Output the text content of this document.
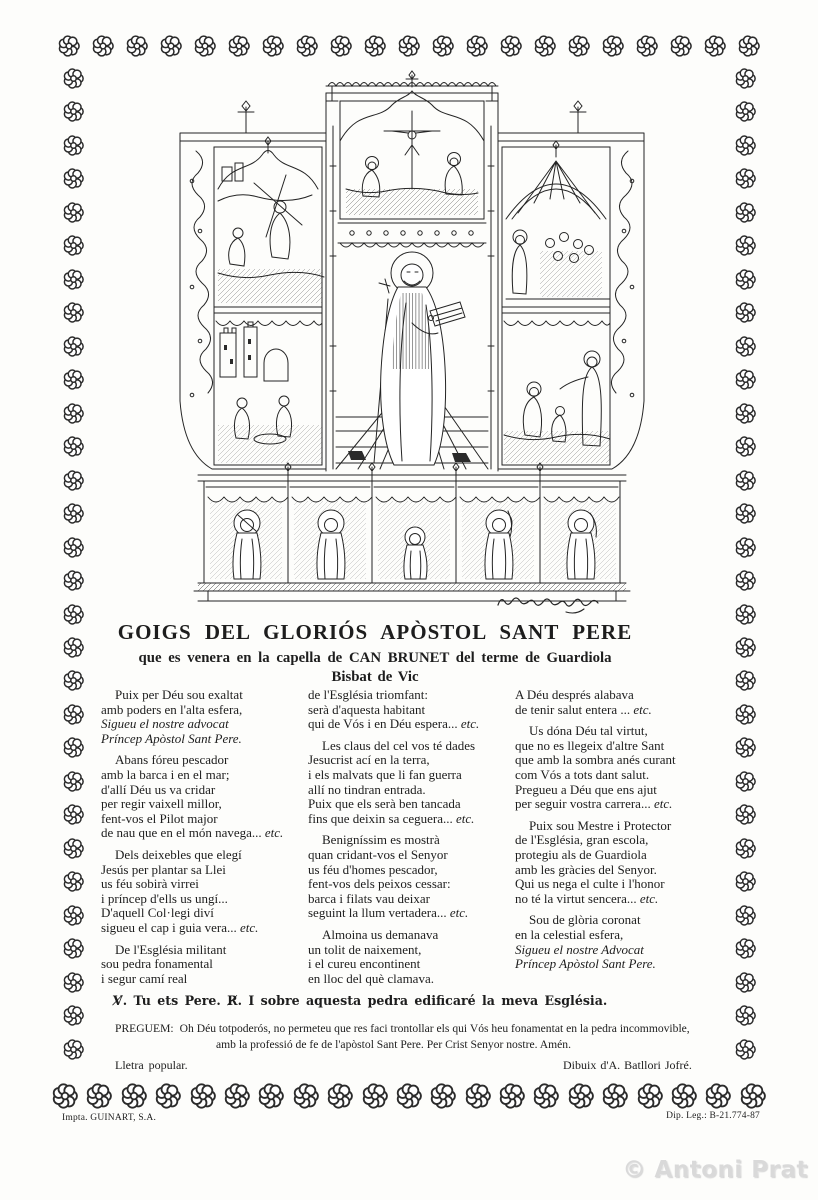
GOIGS DEL GLORIÓS APÒSTOL SANT PERE
que es venera en la capella de CAN BRUNET del terme de Guardiola
Bisbat de Vic
Puix per Déu sou exaltat
amb poders en l'alta esfera,
Sigueu el nostre advocat
Príncep Apòstol Sant Pere.
Abans fóreu pescador
amb la barca i en el mar;
d'allí Déu us va cridar
per regir vaixell millor,
fent-vos el Pilot major
de nau que en el món navega... etc.
Dels deixebles que elegí
Jesús per plantar sa Llei
us féu sobirà virrei
i príncep d'ells us ungí...
D'aquell Col·legi diví
sigueu el cap i guia vera... etc.
De l'Església militant
sou pedra fonamental
i segur camí real
de l'Església triomfant:
serà d'aquesta habitant
qui de Vós i en Déu espera... etc.
Les claus del cel vos té dades
Jesucrist ací en la terra,
i els malvats que li fan guerra
allí no tindran entrada.
Puix que els serà ben tancada
fins que deixin sa ceguera... etc.
Benigníssim es mostrà
quan cridant-vos el Senyor
us féu d'homes pescador,
fent-vos dels peixos cessar:
barca i filats vau deixar
seguint la llum vertadera... etc.
Almoina us demanava
un tolit de naixement,
i el cureu encontinent
en lloc del què clamava.
A Déu després alabava
de tenir salut entera ... etc.
Us dóna Déu tal virtut,
que no es llegeix d'altre Sant
que amb la sombra anés curant
com Vós a tots dant salut.
Pregueu a Déu que ens ajut
per seguir vostra carrera... etc.
Puix sou Mestre i Protector
de l'Església, gran escola,
protegiu als de Guardiola
amb les gràcies del Senyor.
Qui us nega el culte i l'honor
no té la virtut sencera... etc.
Sou de glòria coronat
en la celestial esfera,
Sigueu el nostre Advocat
Príncep Apòstol Sant Pere.
V̸. Tu ets Pere. R̸. I sobre aquesta pedra edificaré la meva Església.
PREGUEM: Oh Déu totpoderós, no permeteu que res faci trontollar els qui Vós heu fonamentat en la pedra incommovible,
amb la professió de fe de l'apòstol Sant Pere. Per Crist Senyor nostre. Amén.
Lletra popular.	Dibuix d'A. Batllori Jofré.
Impta. GUINART, S.A.	Dip. Leg.: B-21.774-87
© Antoni Prat
